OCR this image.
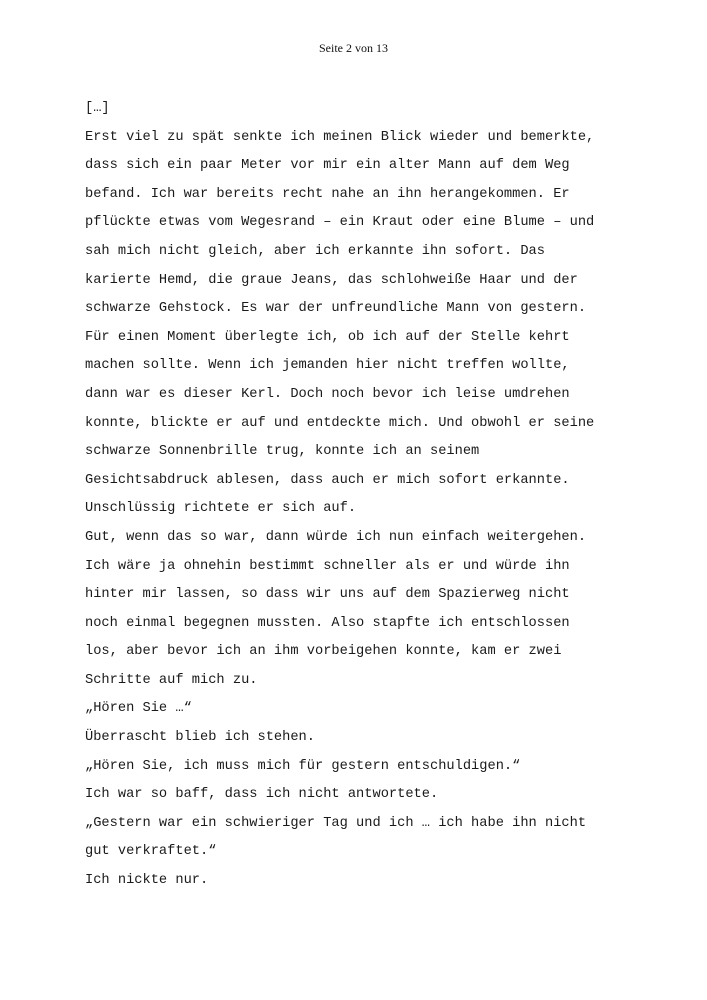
Seite 2 von 13
[…]
Erst viel zu spät senkte ich meinen Blick wieder und bemerkte,
dass sich ein paar Meter vor mir ein alter Mann auf dem Weg
befand. Ich war bereits recht nahe an ihn herangekommen. Er
pflückte etwas vom Wegesrand – ein Kraut oder eine Blume – und
sah mich nicht gleich, aber ich erkannte ihn sofort. Das
karierte Hemd, die graue Jeans, das schlohweiße Haar und der
schwarze Gehstock. Es war der unfreundliche Mann von gestern.
Für einen Moment überlegte ich, ob ich auf der Stelle kehrt
machen sollte. Wenn ich jemanden hier nicht treffen wollte,
dann war es dieser Kerl. Doch noch bevor ich leise umdrehen
konnte, blickte er auf und entdeckte mich. Und obwohl er seine
schwarze Sonnenbrille trug, konnte ich an seinem
Gesichtsabdruck ablesen, dass auch er mich sofort erkannte.
Unschlüssig richtete er sich auf.
Gut, wenn das so war, dann würde ich nun einfach weitergehen.
Ich wäre ja ohnehin bestimmt schneller als er und würde ihn
hinter mir lassen, so dass wir uns auf dem Spazierweg nicht
noch einmal begegnen mussten. Also stapfte ich entschlossen
los, aber bevor ich an ihm vorbeigehen konnte, kam er zwei
Schritte auf mich zu.
„Hören Sie …“
Überrascht blieb ich stehen.
„Hören Sie, ich muss mich für gestern entschuldigen.“
Ich war so baff, dass ich nicht antwortete.
„Gestern war ein schwieriger Tag und ich … ich habe ihn nicht
gut verkraftet.“
Ich nickte nur.
